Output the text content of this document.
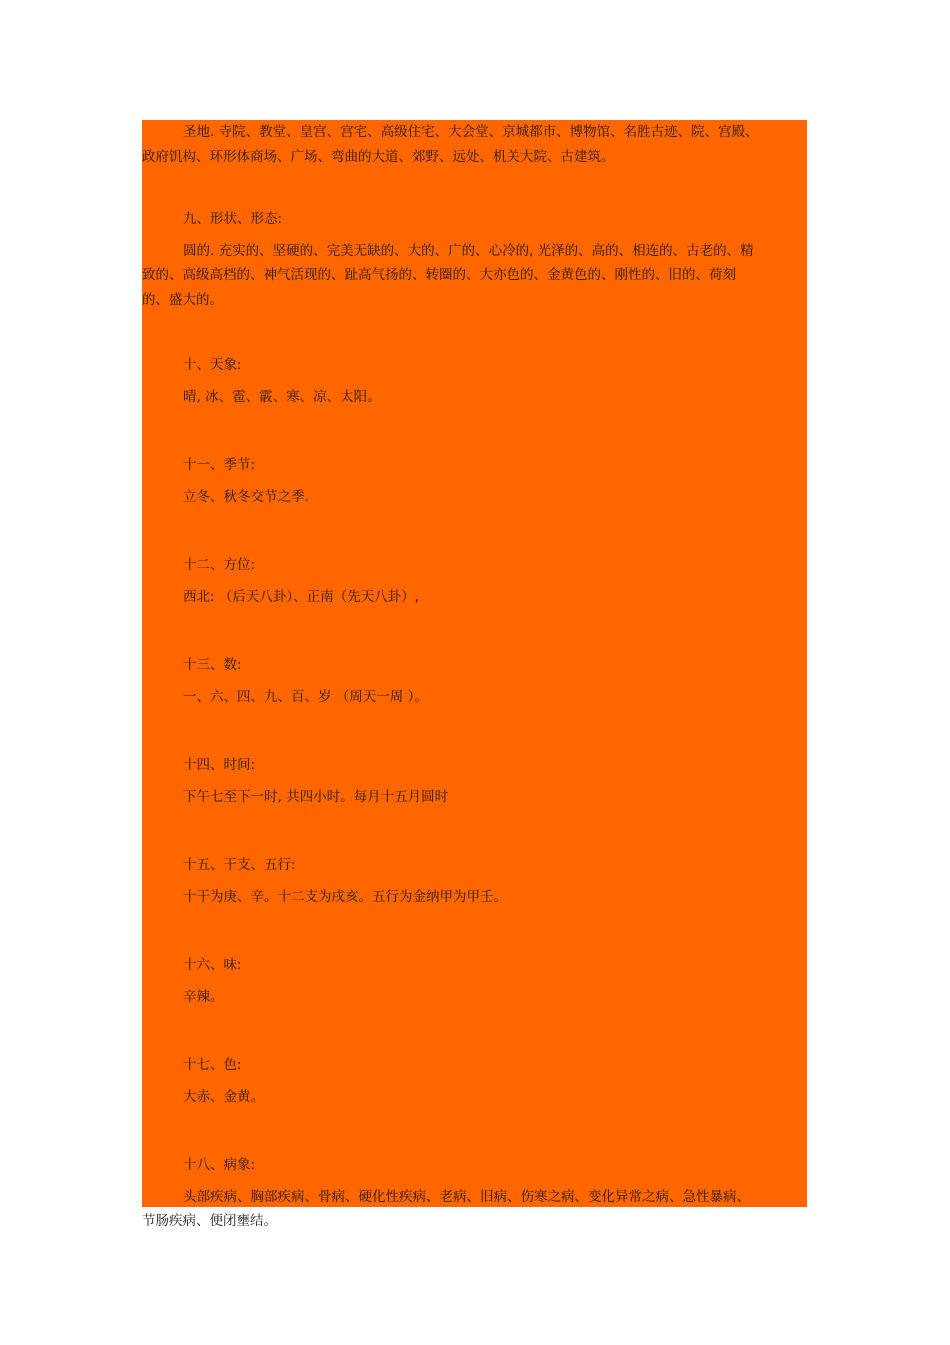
圣地. 寺院、教堂、皇宫、宫宅、高级住宅、大会堂、京城都市、博物馆、名胜古迹、院、宫殿、政府饥构、环形体商场、广场、弯曲的大道、郊野、远处、机关大院、古建筑。

九、形状、形态:

圆的. 充实的、坚硬的、完美无缺的、大的、广的、心冷的, 光泽的、高的、相连的、古老的、精致的、高级高档的、神气活现的、趾高气扬的、转圈的、大亦色的、金黄色的、刚性的、旧的、荷刻的、盛大的。

十、天象:

晴, 冰、雹、霰、寒、凉、太阳。

十一、季节:

立冬、秋冬交节之季.

十二、方位:

西北: （后天八卦）、正南（先天八卦）,

十三、数:

一、六、四、九、百、岁 （周天一周 ）。

十四、时间:

下午七至下一时, 共四小时。每月十五月圆时

十五、干支、五行:

十干为庚、辛。十二支为戌亥。五行为金纳甲为甲壬。

十六、味:

辛辣。

十七、色:

大赤、金黄。

十八、病象:

头部疾病、胸部疾病、骨病、硬化性疾病、老病、旧病、伤寒之病、变化异常之病、急性暴病、节肠疾病、便闭壅结。
